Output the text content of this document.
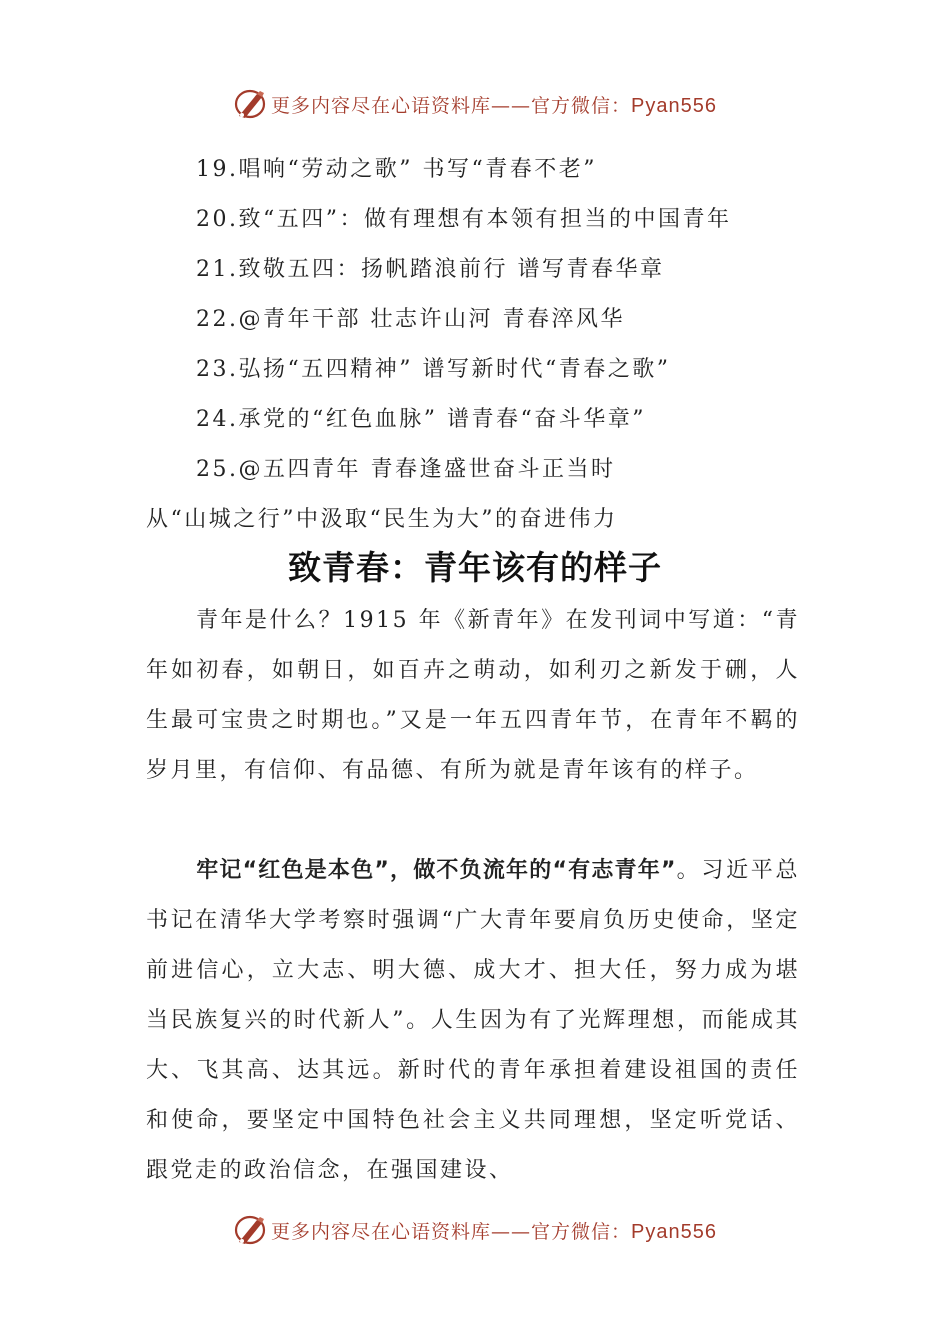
更多内容尽在心语资料库——官方微信：Pyan556
19.唱响“劳动之歌” 书写“青春不老”
20.致“五四”：做有理想有本领有担当的中国青年
21.致敬五四：扬帆踏浪前行 谱写青春华章
22.@青年干部 壮志许山河 青春淬风华
23.弘扬“五四精神” 谱写新时代“青春之歌”
24.承党的“红色血脉” 谱青春“奋斗华章”
25.@五四青年 青春逢盛世奋斗正当时
从“山城之行”中汲取“民生为大”的奋进伟力
致青春：青年该有的样子

青年是什么？1915 年《新青年》在发刊词中写道：“青年如初春，如朝日，如百卉之萌动，如利刃之新发于硎，人生最可宝贵之时期也。”又是一年五四青年节，在青年不羁的岁月里，有信仰、有品德、有所为就是青年该有的样子。

牢记“红色是本色”，做不负流年的“有志青年”。习近平总书记在清华大学考察时强调“广大青年要肩负历史使命，坚定前进信心，立大志、明大德、成大才、担大任，努力成为堪当民族复兴的时代新人”。人生因为有了光辉理想，而能成其大、飞其高、达其远。新时代的青年承担着建设祖国的责任和使命，要坚定中国特色社会主义共同理想，坚定听党话、跟党走的政治信念，在强国建设、

更多内容尽在心语资料库——官方微信：Pyan556
